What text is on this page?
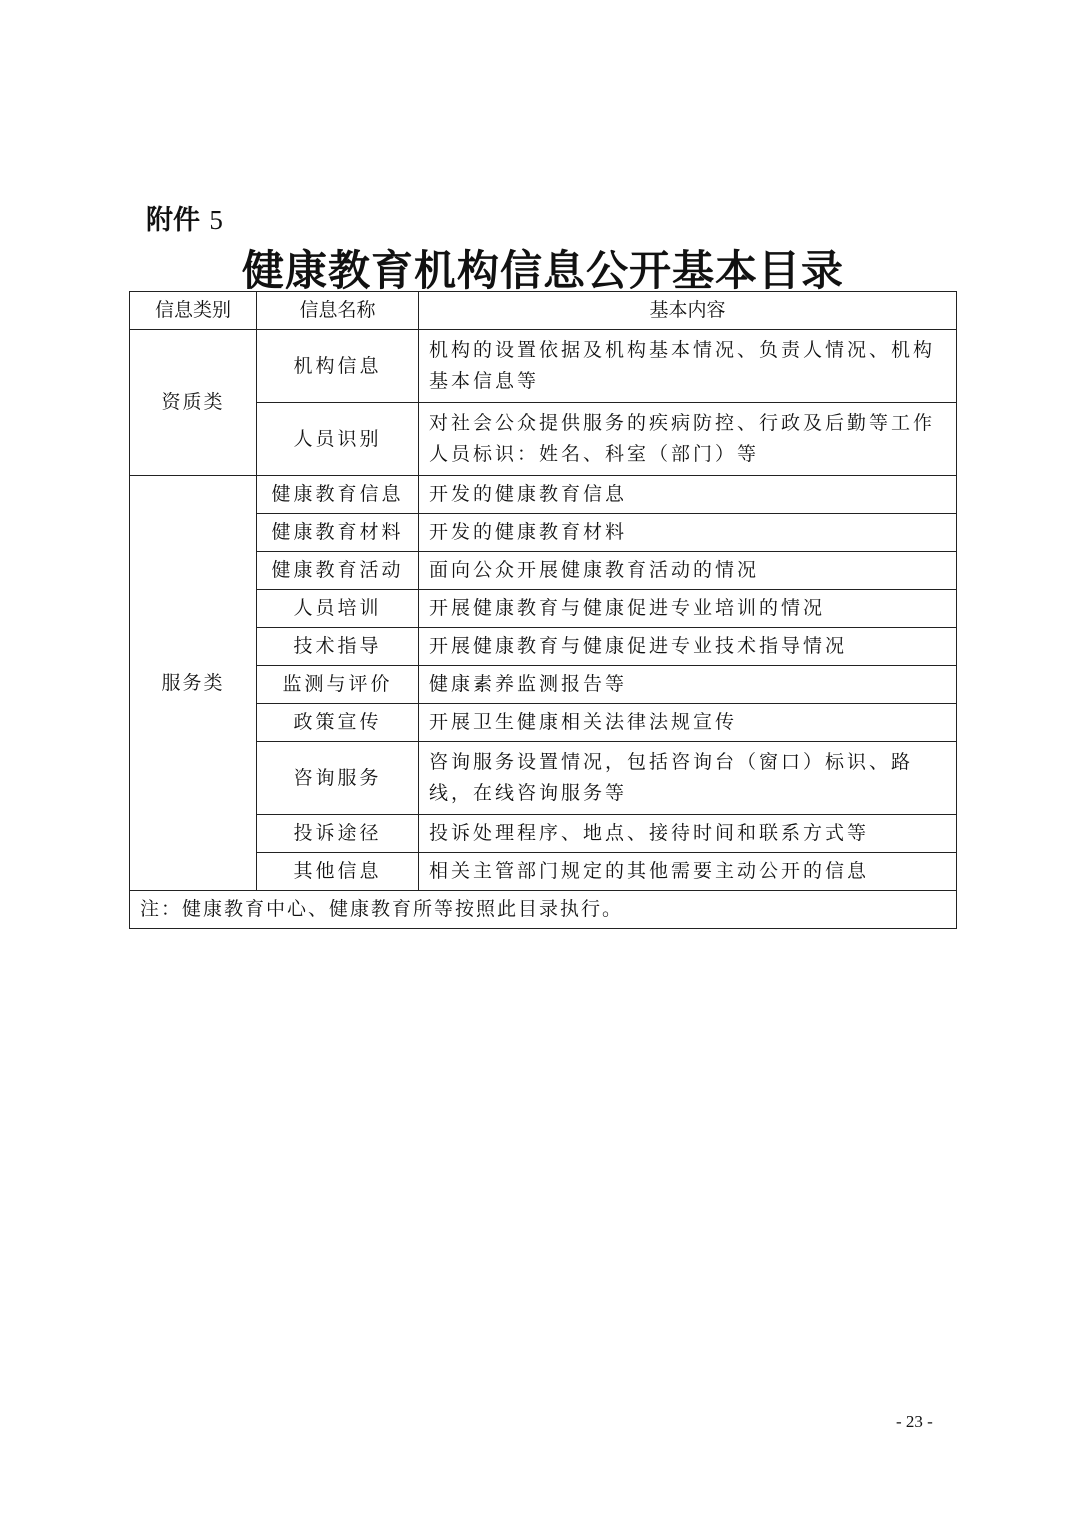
附件 5
健康教育机构信息公开基本目录
信息类别	信息名称	基本内容
资质类	机构信息	机构的设置依据及机构基本情况、负责人情况、机构基本信息等
	人员识别	对社会公众提供服务的疾病防控、行政及后勤等工作人员标识：姓名、科室（部门）等
服务类	健康教育信息	开发的健康教育信息
	健康教育材料	开发的健康教育材料
	健康教育活动	面向公众开展健康教育活动的情况
	人员培训	开展健康教育与健康促进专业培训的情况
	技术指导	开展健康教育与健康促进专业技术指导情况
	监测与评价	健康素养监测报告等
	政策宣传	开展卫生健康相关法律法规宣传
	咨询服务	咨询服务设置情况，包括咨询台（窗口）标识、路线，在线咨询服务等
	投诉途径	投诉处理程序、地点、接待时间和联系方式等
	其他信息	相关主管部门规定的其他需要主动公开的信息
注：健康教育中心、健康教育所等按照此目录执行。		
- 23 -
